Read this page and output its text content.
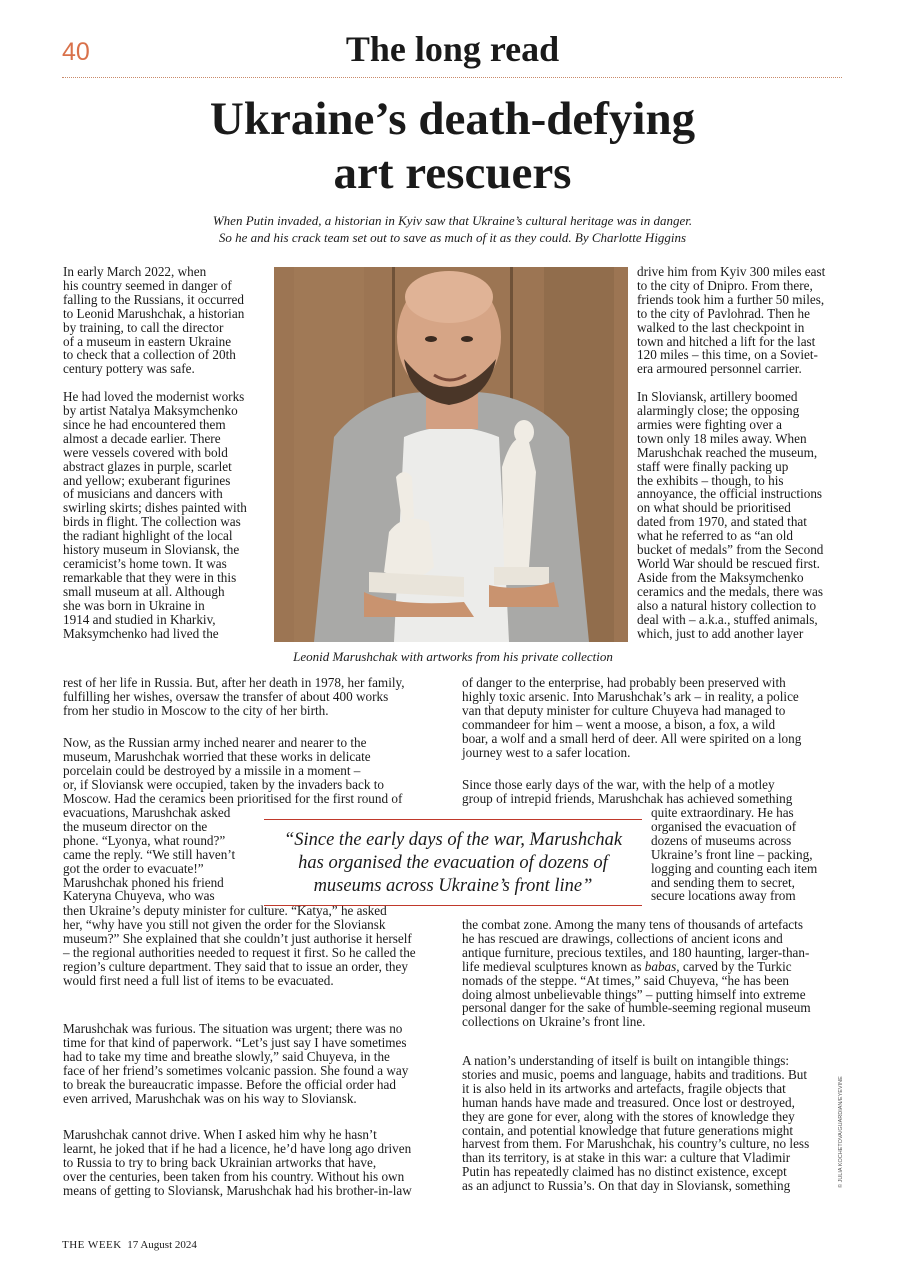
40	The long read
Ukraine’s death-defying
art rescuers
When Putin invaded, a historian in Kyiv saw that Ukraine’s cultural heritage was in danger.
So he and his crack team set out to save as much of it as they could. By Charlotte Higgins

In early March 2022, when
his country seemed in danger of
falling to the Russians, it occurred
to Leonid Marushchak, a historian
by training, to call the director
of a museum in eastern Ukraine
to check that a collection of 20th
century pottery was safe.

He had loved the modernist works
by artist Natalya Maksymchenko
since he had encountered them
almost a decade earlier. There
were vessels covered with bold
abstract glazes in purple, scarlet
and yellow; exuberant figurines
of musicians and dancers with
swirling skirts; dishes painted with
birds in flight. The collection was
the radiant highlight of the local
history museum in Sloviansk, the
ceramicist’s home town. It was
remarkable that they were in this
small museum at all. Although
she was born in Ukraine in
1914 and studied in Kharkiv,
Maksymchenko had lived the

rest of her life in Russia. But, after her death in 1978, her family,
fulfilling her wishes, oversaw the transfer of about 400 works
from her studio in Moscow to the city of her birth.
Now, as the Russian army inched nearer and nearer to the
museum, Marushchak worried that these works in delicate
porcelain could be destroyed by a missile in a moment –
or, if Sloviansk were occupied, taken by the invaders back to
Moscow. Had the ceramics been prioritised for the first round of
evacuations, Marushchak asked
the museum director on the
phone. “Lyonya, what round?”
came the reply. “We still haven’t
got the order to evacuate!”
Marushchak phoned his friend
Kateryna Chuyeva, who was
then Ukraine’s deputy minister for culture. “Katya,” he asked
her, “why have you still not given the order for the Sloviansk
museum?” She explained that she couldn’t just authorise it herself
– the regional authorities needed to request it first. So he called the
region’s culture department. They said that to issue an order, they
would first need a full list of items to be evacuated.
Marushchak was furious. The situation was urgent; there was no
time for that kind of paperwork. “Let’s just say I have sometimes
had to take my time and breathe slowly,” said Chuyeva, in the
face of her friend’s sometimes volcanic passion. She found a way
to break the bureaucratic impasse. Before the official order had
even arrived, Marushchak was on his way to Sloviansk.
Marushchak cannot drive. When I asked him why he hasn’t
learnt, he joked that if he had a licence, he’d have long ago driven
to Russia to try to bring back Ukrainian artworks that have,
over the centuries, been taken from his country. Without his own
means of getting to Sloviansk, Marushchak had his brother-in-law
Leonid Marushchak with artworks from his private collection

drive him from Kyiv 300 miles east
to the city of Dnipro. From there,
friends took him a further 50 miles,
to the city of Pavlohrad. Then he
walked to the last checkpoint in
town and hitched a lift for the last
120 miles – this time, on a Soviet-
era armoured personnel carrier.

In Sloviansk, artillery boomed
alarmingly close; the opposing
armies were fighting over a
town only 18 miles away. When
Marushchak reached the museum,
staff were finally packing up
the exhibits – though, to his
annoyance, the official instructions
on what should be prioritised
dated from 1970, and stated that
what he referred to as “an old
bucket of medals” from the Second
World War should be rescued first.
Aside from the Maksymchenko
ceramics and the medals, there was
also a natural history collection to
deal with – a.k.a., stuffed animals,
which, just to add another layer

of danger to the enterprise, had probably been preserved with
highly toxic arsenic. Into Marushchak’s ark – in reality, a police
van that deputy minister for culture Chuyeva had managed to
commandeer for him – went a moose, a bison, a fox, a wild
boar, a wolf and a small herd of deer. All were spirited on a long
journey west to a safer location.
Since those early days of the war, with the help of a motley
group of intrepid friends, Marushchak has achieved something
quite extraordinary. He has
organised the evacuation of
dozens of museums across
Ukraine’s front line – packing,
logging and counting each item
and sending them to secret,
secure locations away from
the combat zone. Among the many tens of thousands of artefacts
he has rescued are drawings, collections of ancient icons and
antique furniture, precious textiles, and 180 haunting, larger-than-
life medieval sculptures known as babas, carved by the Turkic
nomads of the steppe. “At times,” said Chuyeva, “he has been
doing almost unbelievable things” – putting himself into extreme
personal danger for the sake of humble-seeming regional museum
collections on Ukraine’s front line.
A nation’s understanding of itself is built on intangible things:
stories and music, poems and language, habits and traditions. But
it is also held in its artworks and artefacts, fragile objects that
human hands have made and treasured. Once lost or destroyed,
they are gone for ever, along with the stores of knowledge they
contain, and potential knowledge that future generations might
harvest from them. For Marushchak, his country’s culture, no less
than its territory, is at stake in this war: a culture that Vladimir
Putin has repeatedly claimed has no distinct existence, except
as an adjunct to Russia’s. On that day in Sloviansk, something
“Since the early days of the war, Marushchak
has organised the evacuation of dozens of
museums across Ukraine’s front line”
© JULIA KOCHETOVA/GUARDIAN/EYEVINE
THE WEEK 17 August 2024
